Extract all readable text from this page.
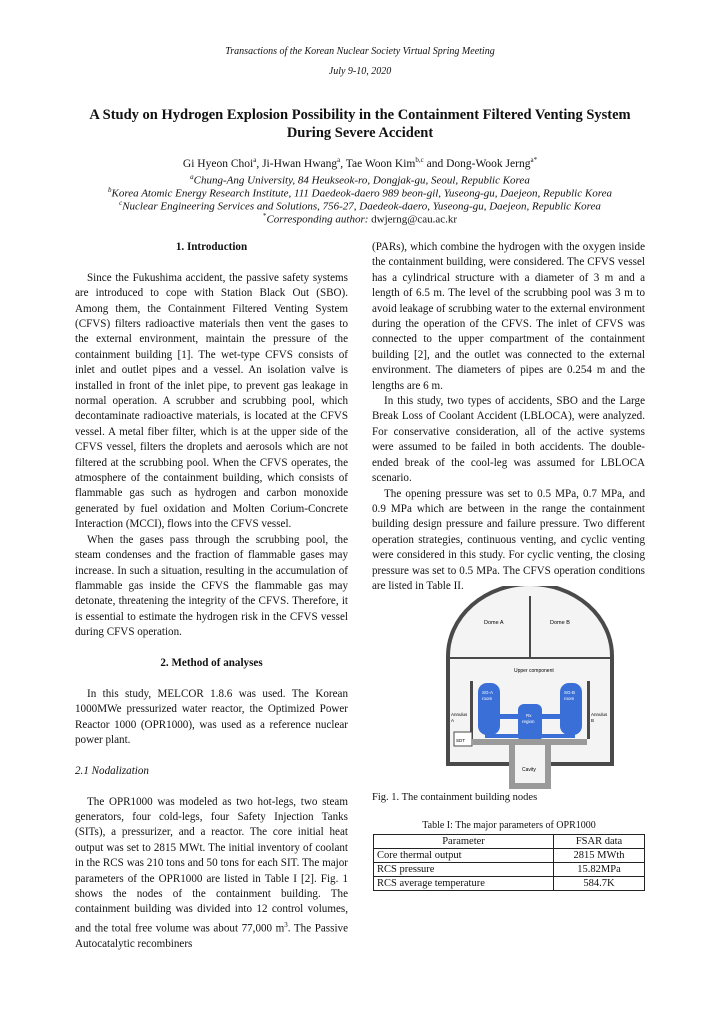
Transactions of the Korean Nuclear Society Virtual Spring Meeting
July 9-10, 2020
A Study on Hydrogen Explosion Possibility in the Containment Filtered Venting System
During Severe Accident
Gi Hyeon Choi$^a$, Ji-Hwan Hwang$^a$, Tae Woon Kim$^{b,c}$ and Dong-Wook Jerng$^{a*}$
$^a$Chung-Ang University, 84 Heukseok-ro, Dongjak-gu, Seoul, Republic Korea
$^b$Korea Atomic Energy Research Institute, 111 Daedeok-daero 989 beon-gil, Yuseong-gu, Daejeon, Republic Korea
$^c$Nuclear Engineering Services and Solutions, 756-27, Daedeok-daero, Yuseong-gu, Daejeon, Republic Korea
*Corresponding author: dwjerng@cau.ac.kr

1. Introduction

Since the Fukushima accident, the passive safety systems are introduced to cope with Station Black Out (SBO). Among them, the Containment Filtered Venting System (CFVS) filters radioactive materials then vent the gases to the external environment, maintain the pressure of the containment building [1]. The wet-type CFVS consists of inlet and outlet pipes and a vessel. An isolation valve is installed in front of the inlet pipe, to prevent gas leakage in normal operation. A scrubber and scrubbing pool, which decontaminate radioactive materials, is located at the CFVS vessel. A metal fiber filter, which is at the upper side of the CFVS vessel, filters the droplets and aerosols which are not filtered at the scrubbing pool. When the CFVS operates, the atmosphere of the containment building, which consists of flammable gas such as hydrogen and carbon monoxide generated by fuel oxidation and Molten Corium-Concrete Interaction (MCCI), flows into the CFVS vessel.

When the gases pass through the scrubbing pool, the steam condenses and the fraction of flammable gases may increase. In such a situation, resulting in the accumulation of flammable gas inside the CFVS the flammable gas may detonate, threatening the integrity of the CFVS. Therefore, it is essential to estimate the hydrogen risk in the CFVS vessel during CFVS operation.

2. Method of analyses

In this study, MELCOR 1.8.6 was used. The Korean 1000MWe pressurized water reactor, the Optimized Power Reactor 1000 (OPR1000), was used as a reference nuclear power plant.

2.1 Nodalization

The OPR1000 was modeled as two hot-legs, two steam generators, four cold-legs, four Safety Injection Tanks (SITs), a pressurizer, and a reactor. The core initial heat output was set to 2815 MWt. The initial inventory of coolant in the RCS was 210 tons and 50 tons for each SIT. The major parameters of the OPR1000 are listed in Table I [2]. Fig. 1 shows the nodes of the containment building. The containment building was divided into 12 control volumes, and the total free volume was about 77,000 $m^3$. The Passive Autocatalytic recombiners

(PARs), which combine the hydrogen with the oxygen inside the containment building, were considered. The CFVS vessel has a cylindrical structure with a diameter of 3 m and a length of 6.5 m. The level of the scrubbing pool was 3 m to avoid leakage of scrubbing water to the external environment during the operation of the CFVS. The inlet of CFVS was connected to the upper compartment of the containment building [2], and the outlet was connected to the external environment. The diameters of pipes are 0.254 m and the lengths are 6 m.

In this study, two types of accidents, SBO and the Large Break Loss of Coolant Accident (LBLOCA), were analyzed. For conservative consideration, all of the active systems were assumed to be failed in both accidents. The double-ended break of the cool-leg was assumed for LBLOCA scenario.

The opening pressure was set to 0.5 MPa, 0.7 MPa, and 0.9 MPa which are between in the range the containment building design pressure and failure pressure. Two different operation strategies, continuous venting, and cyclic venting were considered in this study. For cyclic venting, the closing pressure was set to 0.5 MPa. The CFVS operation conditions are listed in Table II.

Dome A	Dome B
Upper component
Annulus
A
Annulus
B
SG-A
room
SG-B
room
Rx
region
SDT
Cavity
Fig. 1. The containment building nodes
Table I: The major parameters of OPR1000
Parameter	FSAR data
Core thermal output	2815 MWth
RCS pressure	15.82MPa
RCS average temperature	584.7K
